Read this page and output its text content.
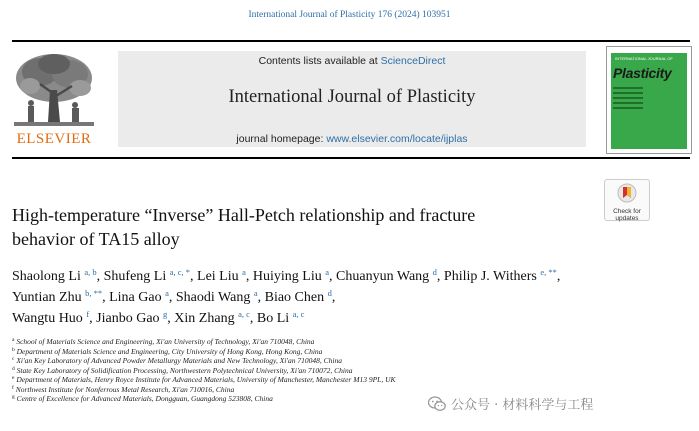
International Journal of Plasticity 176 (2024) 103951
ELSEVIER
Contents lists available at ScienceDirect
International Journal of Plasticity
journal homepage: www.elsevier.com/locate/ijplas
INTERNATIONAL JOURNAL OF
Plasticity
Check for
updates
High-temperature “Inverse” Hall-Petch relationship and fracture
behavior of TA15 alloy
Shaolong Li $^{a, b}$, Shufeng Li $^{a, c, *}$, Lei Liu $^a$, Huiying Liu $^a$, Chuanyun Wang $^d$, Philip J. Withers $^{e, **}$, Yuntian Zhu $^{b, **}$, Lina Gao $^a$, Shaodi Wang $^a$, Biao Chen $^d$,
Wangtu Huo $^f$, Jianbo Gao $^g$, Xin Zhang $^{a, c}$, Bo Li $^{a, c}$
$^a$ School of Materials Science and Engineering, Xi'an University of Technology, Xi'an 710048, China
$^b$ Department of Materials Science and Engineering, City University of Hong Kong, Hong Kong, China
$^c$ Xi'an Key Laboratory of Advanced Powder Metallurgy Materials and New Technology, Xi'an 710048, China
$^d$ State Key Laboratory of Solidification Processing, Northwestern Polytechnical University, Xi'an 710072, China
$^e$ Department of Materials, Henry Royce Institute for Advanced Materials, University of Manchester, Manchester M13 9PL, UK
$^f$ Northwest Institute for Nonferrous Metal Research, Xi'an 710016, China
$^g$ Centre of Excellence for Advanced Materials, Dongguan, Guangdong 523808, China	公众号 · 材料科学与工程
